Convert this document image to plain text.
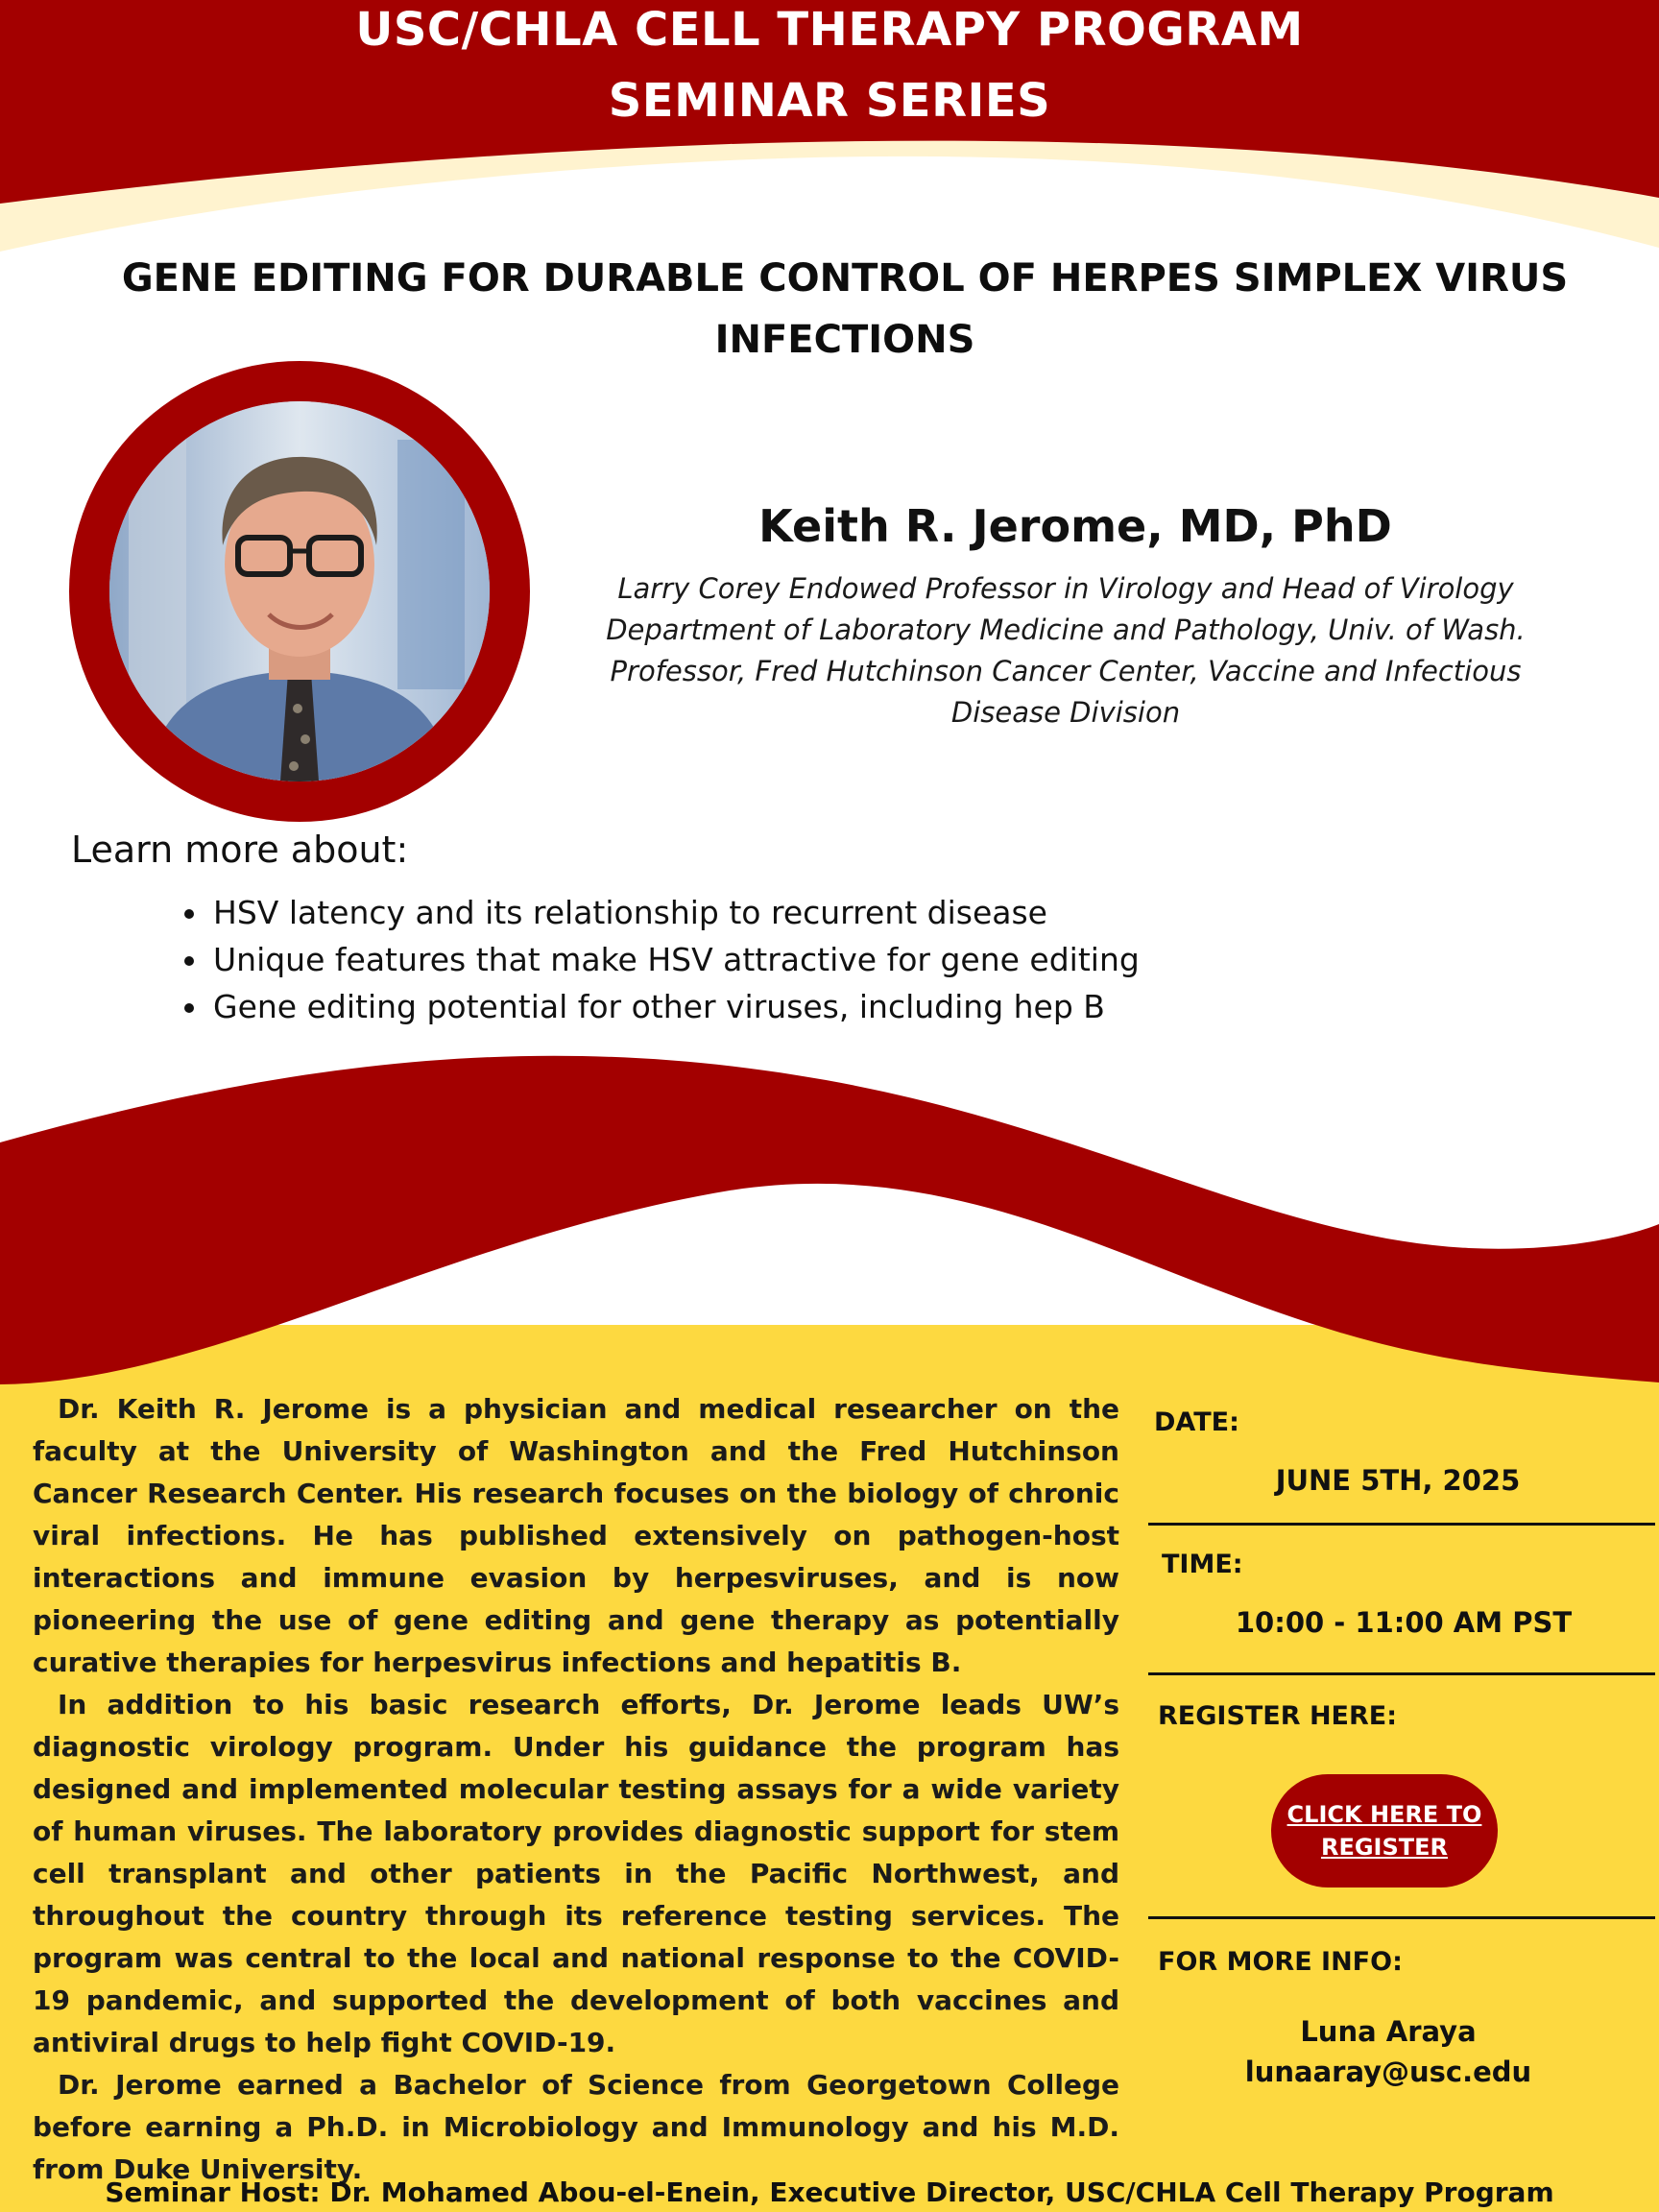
USC/CHLA CELL THERAPY PROGRAM
SEMINAR SERIES
GENE EDITING FOR DURABLE CONTROL OF HERPES SIMPLEX VIRUS INFECTIONS
Keith R. Jerome, MD, PhD
Larry Corey Endowed Professor in Virology and Head of Virology
Department of Laboratory Medicine and Pathology, Univ. of Wash.
Professor, Fred Hutchinson Cancer Center, Vaccine and Infectious
Disease Division
Learn more about:
HSV latency and its relationship to recurrent disease
Unique features that make HSV attractive for gene editing
Gene editing potential for other viruses, including hep B

Dr. Keith R. Jerome is a physician and medical researcher on the faculty at the University of Washington and the Fred Hutchinson Cancer Research Center. His research focuses on the biology of chronic viral infections. He has published extensively on pathogen-host interactions and immune evasion by herpesviruses, and is now pioneering the use of gene editing and gene therapy as potentially curative therapies for herpesvirus infections and hepatitis B.

In addition to his basic research efforts, Dr. Jerome leads UW’s diagnostic virology program. Under his guidance the program has designed and implemented molecular testing assays for a wide variety of human viruses. The laboratory provides diagnostic support for stem cell transplant and other patients in the Pacific Northwest, and throughout the country through its reference testing services. The program was central to the local and national response to the COVID-19 pandemic, and supported the development of both vaccines and antiviral drugs to help fight COVID-19.

Dr. Jerome earned a Bachelor of Science from Georgetown College before earning a Ph.D. in Microbiology and Immunology and his M.D. from Duke University.

DATE:
JUNE 5TH, 2025
TIME:
10:00 - 11:00 AM PST
REGISTER HERE:
CLICK HERE TO REGISTER
FOR MORE INFO:
Luna Araya
lunaaray@usc.edu
Seminar Host: Dr. Mohamed Abou-el-Enein, Executive Director, USC/CHLA Cell Therapy Program
